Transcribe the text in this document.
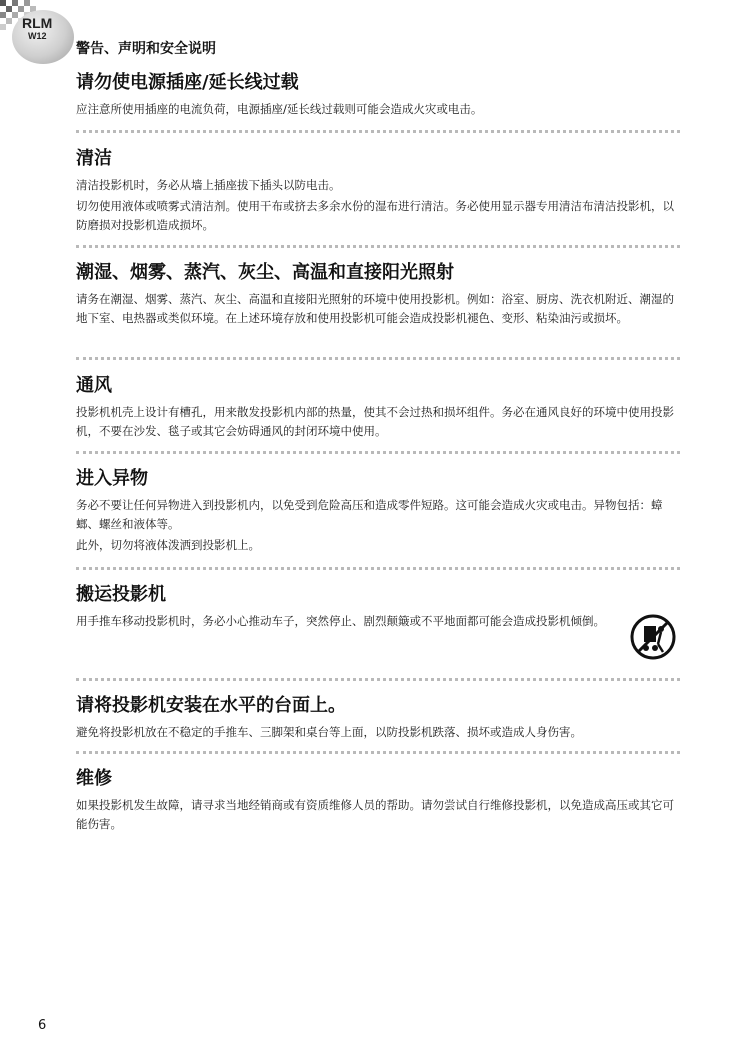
RLM
W12
警告、声明和安全说明
请勿使电源插座/延长线过载

应注意所使用插座的电流负荷，电源插座/延长线过载则可能会造成火灾或电击。

清洁

清洁投影机时，务必从墙上插座拔下插头以防电击。

切勿使用液体或喷雾式清洁剂。使用干布或挤去多余水份的湿布进行清洁。务必使用显示器专用清洁布清洁投影机，以防磨损对投影机造成损坏。

潮湿、烟雾、蒸汽、灰尘、高温和直接阳光照射

请务在潮湿、烟雾、蒸汽、灰尘、高温和直接阳光照射的环境中使用投影机。例如：浴室、厨房、洗衣机附近、潮湿的地下室、电热器或类似环境。在上述环境存放和使用投影机可能会造成投影机褪色、变形、粘染油污或损坏。

通风

投影机机壳上设计有槽孔，用来散发投影机内部的热量，使其不会过热和损坏组件。务必在通风良好的环境中使用投影机，不要在沙发、毯子或其它会妨碍通风的封闭环境中使用。

进入异物

务必不要让任何异物进入到投影机内，以免受到危险高压和造成零件短路。这可能会造成火灾或电击。异物包括：蟑螂、螺丝和液体等。

此外，切勿将液体泼洒到投影机上。

搬运投影机

用手推车移动投影机时，务必小心推动车子，突然停止、剧烈颠簸或不平地面都可能会造成投影机倾倒。

请将投影机安装在水平的台面上。

避免将投影机放在不稳定的手推车、三脚架和桌台等上面，以防投影机跌落、损坏或造成人身伤害。

维修

如果投影机发生故障，请寻求当地经销商或有资质维修人员的帮助。请勿尝试自行维修投影机，以免造成高压或其它可能伤害。

6
